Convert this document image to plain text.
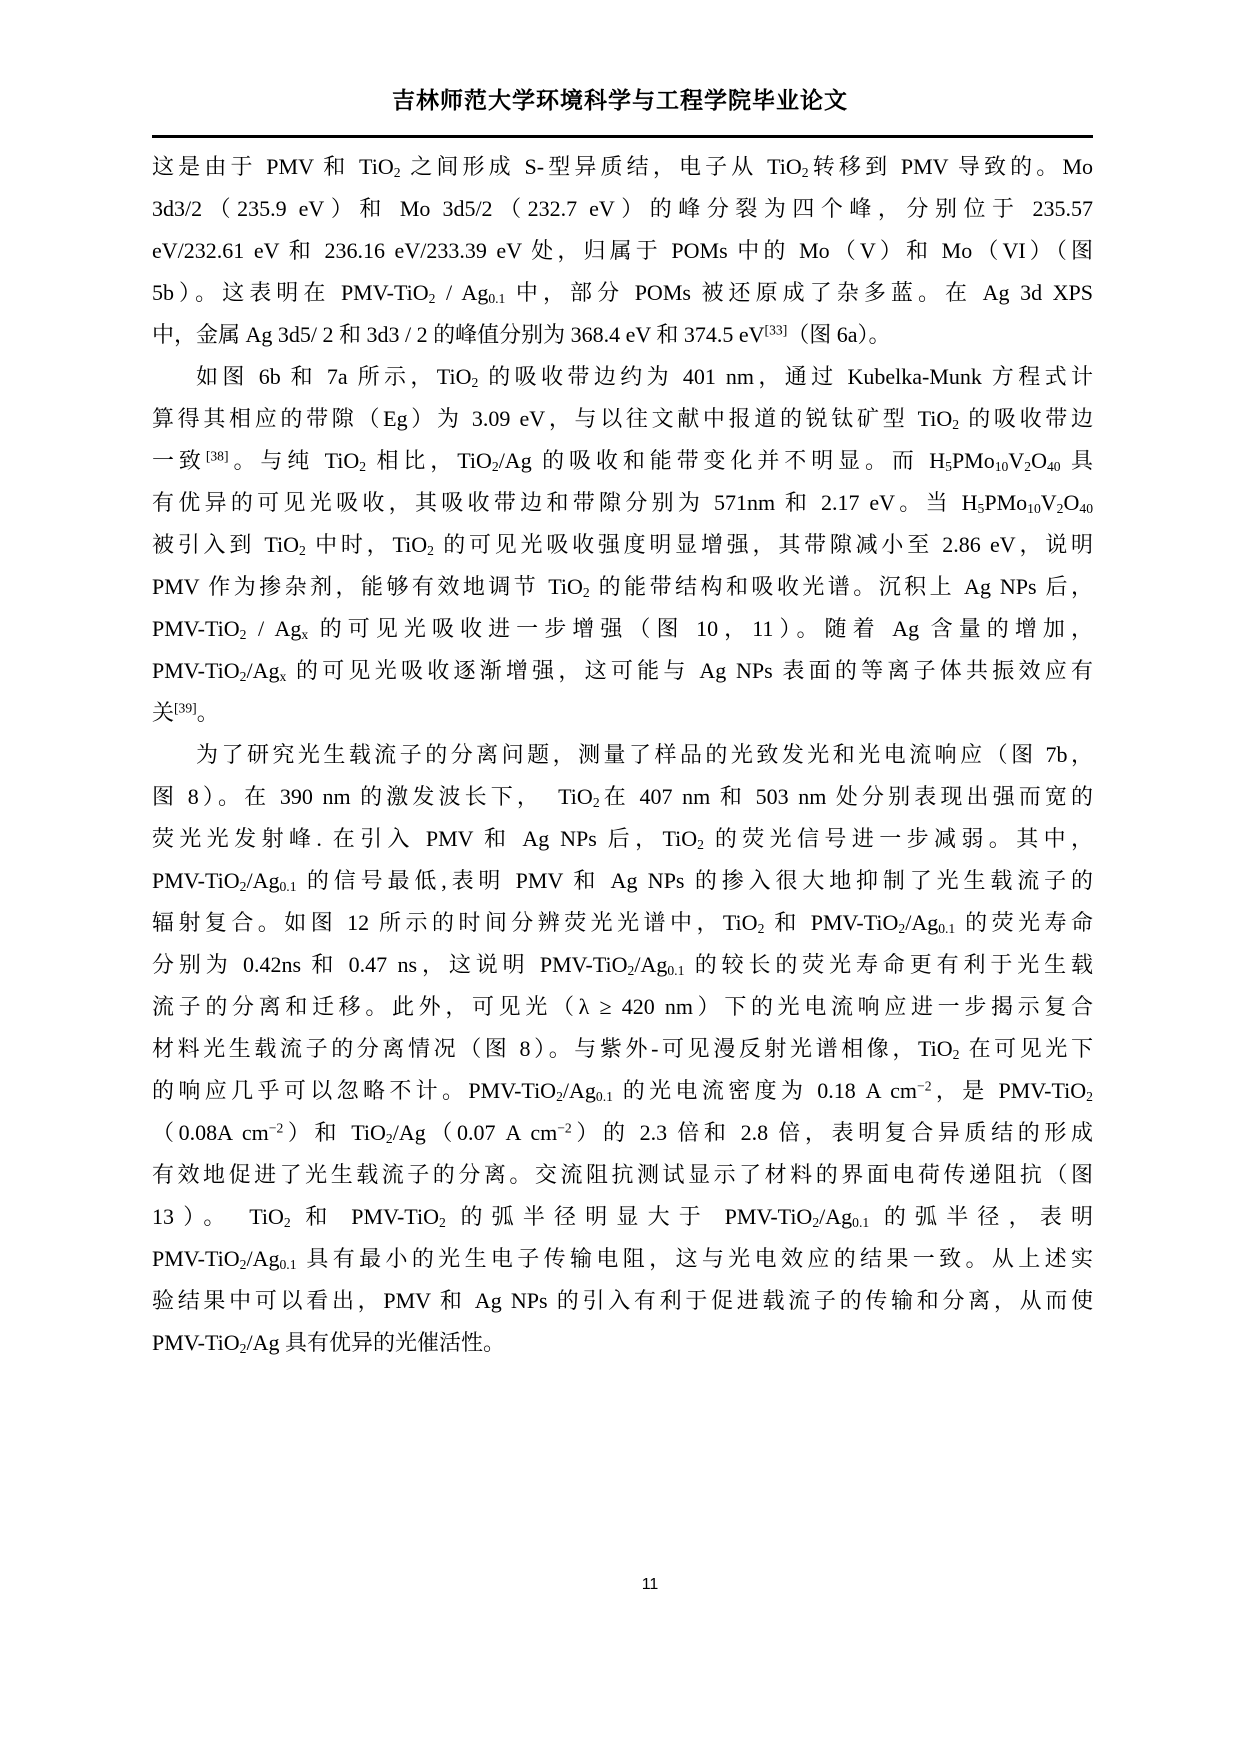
吉林师范大学环境科学与工程学院毕业论文
这是由于 PMV 和 TiO$_2$ 之间形成 S-型异质结，电子从 TiO$_2$转移到 PMV 导致的。Mo
3d3/2（235.9 eV）和 Mo 3d5/2（232.7 eV）的峰分裂为四个峰，分别位于 235.57
eV/232.61 eV 和 236.16 eV/233.39 eV 处，归属于 POMs 中的 Mo（V）和 Mo（VI）（图
5b）。这表明在 $PMV-TiO_2 / Ag_{0.1}$ 中，部分 POMs 被还原成了杂多蓝。在 Ag 3d XPS
中，金属 Ag 3d5/ 2 和 3d3 / 2 的峰值分别为 368.4 eV 和 374.5 eV[33]（图 6a）。
如图 6b 和 7a 所示，TiO$_2$ 的吸收带边约为 401 nm，通过 Kubelka-Munk 方程式计
算得其相应的带隙（Eg）为 3.09 eV，与以往文献中报道的锐钛矿型 TiO$_2$ 的吸收带边
一致[38]。与纯 TiO$_2$ 相比，TiO$_2$/Ag 的吸收和能带变化并不明显。而 $H_5PMo_{10}V_2O_{40}$ 具
有优异的可见光吸收，其吸收带边和带隙分别为 571nm 和 2.17 eV。当 $H_5PMo_{10}V_2O_{40}$
被引入到 TiO$_2$ 中时，TiO$_2$ 的可见光吸收强度明显增强，其带隙减小至 2.86 eV，说明
PMV 作为掺杂剂，能够有效地调节 TiO$_2$ 的能带结构和吸收光谱。沉积上 Ag NPs 后，
$PMV-TiO_2 / Ag_x$ 的可见光吸收进一步增强（图 10，11）。随着 Ag 含量的增加，
PMV-$TiO_2/Ag_x$ 的可见光吸收逐渐增强，这可能与 Ag NPs 表面的等离子体共振效应有
关[39]。
为了研究光生载流子的分离问题，测量了样品的光致发光和光电流响应（图 7b，
图 8）。在 390 nm 的激发波长下，　TiO$_2$在 407 nm 和 503 nm 处分别表现出强而宽的
荧光光发射峰. 在引入 PMV 和 Ag NPs 后，TiO$_2$ 的荧光信号进一步减弱。其中，
PMV-$TiO_2/Ag_{0.1}$ 的信号最低,表明 PMV 和 Ag NPs 的掺入很大地抑制了光生载流子的
辐射复合。如图 12 所示的时间分辨荧光光谱中，TiO$_2$ 和 PMV-$TiO_2/Ag_{0.1}$ 的荧光寿命
分别为 0.42ns 和 0.47 ns，这说明 PMV-$TiO_2/Ag_{0.1}$ 的较长的荧光寿命更有利于光生载
流子的分离和迁移。此外，可见光（λ ≥ 420 nm）下的光电流响应进一步揭示复合
材料光生载流子的分离情况（图 8）。与紫外-可见漫反射光谱相像，TiO$_2$ 在可见光下
的响应几乎可以忽略不计。PMV-$TiO_2/Ag_{0.1}$ 的光电流密度为 0.18 A $cm^{-2}$，是 PMV-TiO$_2$
（0.08A $cm^{-2}$）和 TiO$_2$/Ag（0.07 A $cm^{-2}$）的 2.3 倍和 2.8 倍，表明复合异质结的形成
有效地促进了光生载流子的分离。交流阻抗测试显示了材料的界面电荷传递阻抗（图
13）。 TiO$_2$ 和 PMV-TiO$_2$ 的弧半径明显大于 PMV-$TiO_2/Ag_{0.1}$ 的弧半径，表明
PMV-$TiO_2/Ag_{0.1}$ 具有最小的光生电子传输电阻，这与光电效应的结果一致。从上述实
验结果中可以看出，PMV 和 Ag NPs 的引入有利于促进载流子的传输和分离，从而使
PMV-TiO$_2$/Ag 具有优异的光催活性。
11
